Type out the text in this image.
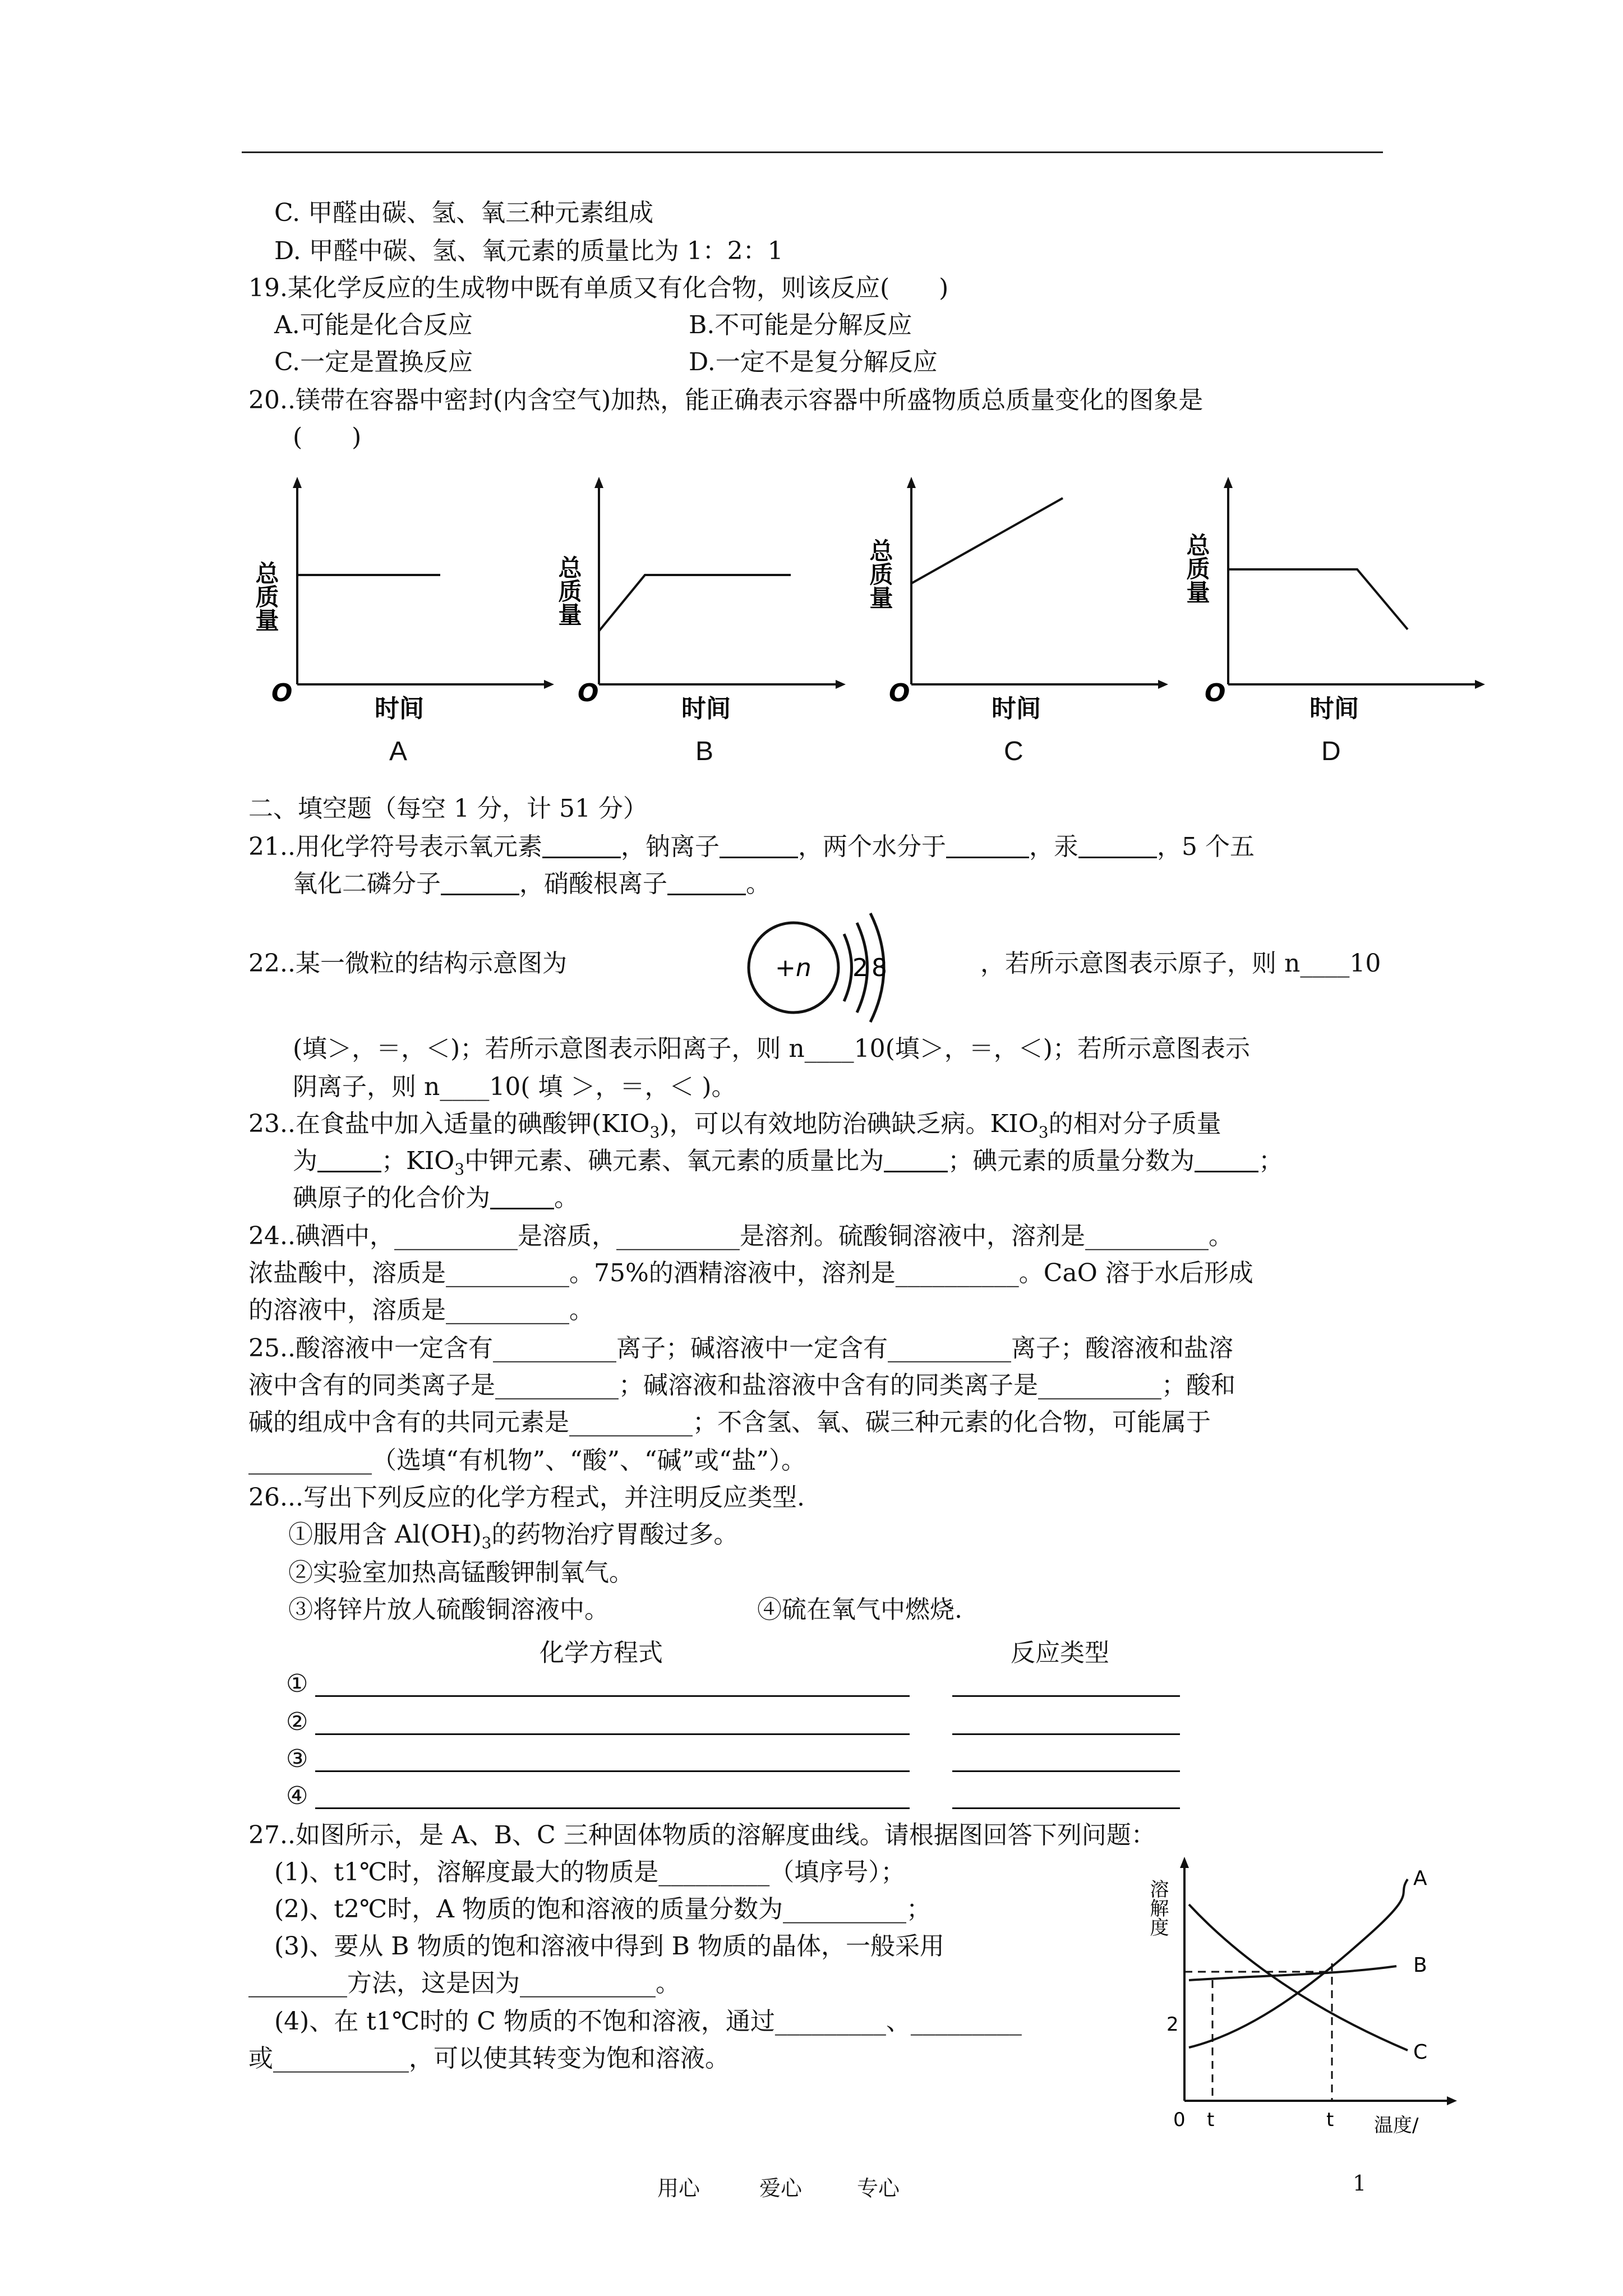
C. 甲醛由碳、氢、氧三种元素组成
D. 甲醛中碳、氢、氧元素的质量比为 1：2：1
19.某化学反应的生成物中既有单质又有化合物，则该反应(　　)
A.可能是化合反应	B.不可能是分解反应
C.一定是置换反应	D.一定不是复分解反应
20..镁带在容器中密封(内含空气)加热，能正确表示容器中所盛物质总质量变化的图象是
(　　)
总质量
时间
O
A
总质量
时间
O
B
总质量
时间
O
C
总质量
时间
O
D
二、填空题（每空 1 分，计 51 分）
21..用化学符号表示氧元素	，钠离子	，两个水分于	，汞	，5 个五
氧化二磷分子	，硝酸根离子	。
22..某一微粒的结构示意图为	+n 2 8	，若所示意图表示原子，则 n____10
(填＞，＝，＜)；若所示意图表示阳离子，则 n____10(填＞，＝，＜)；若所示意图表示
阴离子，则 n____10( 填 ＞，＝，＜ )。
23..在食盐中加入适量的碘酸钾$(KIO_3)$，可以有效地防治碘缺乏病。$KIO_3$的相对分子质量
为	；$KIO_3$中钾元素、碘元素、氧元素的质量比为	；碘元素的质量分数为	；
碘原子的化合价为	。
24..碘酒中，__________是溶质，__________是溶剂。硫酸铜溶液中，溶剂是__________。
浓盐酸中，溶质是__________。75%的酒精溶液中，溶剂是__________。CaO 溶于水后形成
的溶液中，溶质是__________。
25..酸溶液中一定含有__________离子；碱溶液中一定含有__________离子；酸溶液和盐溶
液中含有的同类离子是__________；碱溶液和盐溶液中含有的同类离子是__________；酸和
碱的组成中含有的共同元素是__________；不含氢、氧、碳三种元素的化合物，可能属于
__________（选填“有机物”、“酸”、“碱”或“盐”）。
26...写出下列反应的化学方程式，并注明反应类型.
①服用含 $Al(OH)_3$的药物治疗胃酸过多。
②实验室加热高锰酸钾制氧气。
③将锌片放人硫酸铜溶液中。	④硫在氧气中燃烧.
化学方程式	反应类型
①
②
③
④
27..如图所示，是 A、B、C 三种固体物质的溶解度曲线。请根据图回答下列问题：
(1)、t1℃时，溶解度最大的物质是_________（填序号）；
(2)、t2℃时，A 物质的饱和溶液的质量分数为__________；
(3)、要从 B 物质的饱和溶液中得到 B 物质的晶体，一般采用
________方法，这是因为___________。
(4)、在 t1℃时的 C 物质的不饱和溶液，通过_________、_________
或___________，可以使其转变为饱和溶液。
A
B
C
溶解度
2
0 t	t 温度/
用心	爱心	专心	1
